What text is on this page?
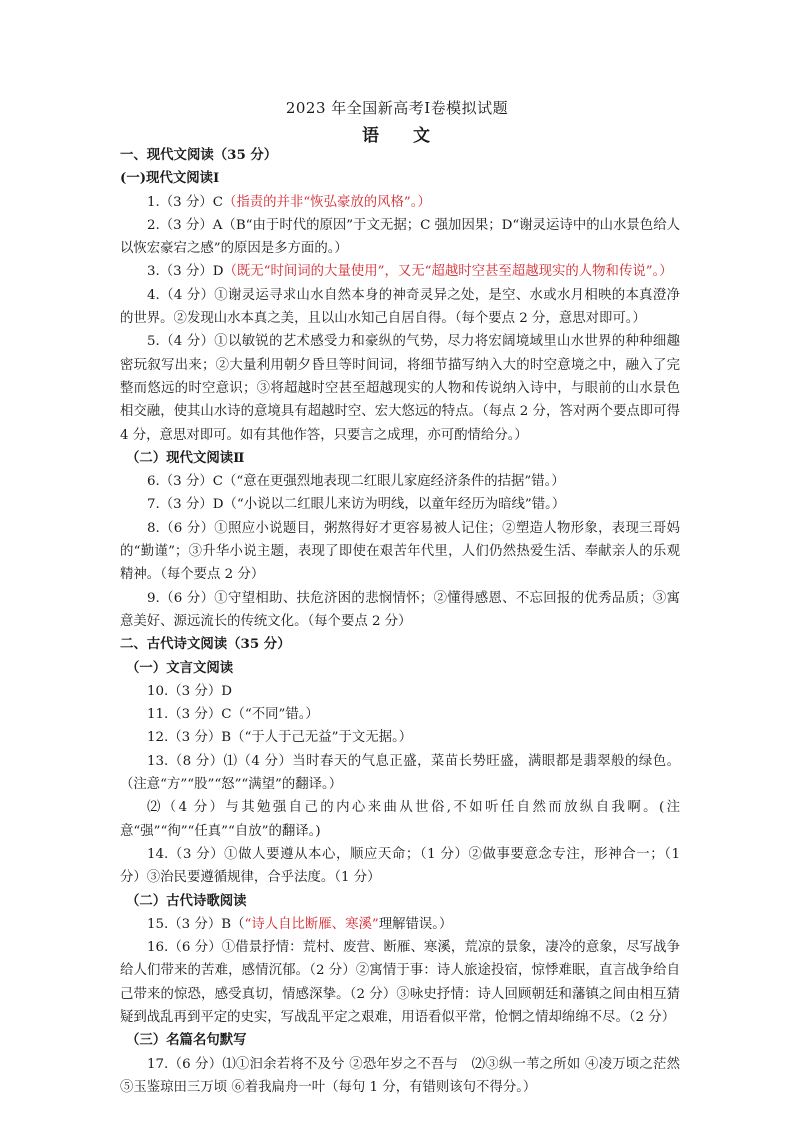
2023 年全国新高考Ⅰ卷模拟试题
语 文
一、现代文阅读（35 分）
(一)现代文阅读Ⅰ

1.（3 分）C（指责的并非“恢弘豪放的风格”。）

2.（3 分）A（B“由于时代的原因”于文无据；C 强加因果；D“谢灵运诗中的山水景色给人以恢宏豪宕之感”的原因是多方面的。）

3.（3 分）D（既无“时间词的大量使用”，又无“超越时空甚至超越现实的人物和传说”。）

4.（4 分）①谢灵运寻求山水自然本身的神奇灵异之处，是空、水或水月相映的本真澄净的世界。②发现山水本真之美，且以山水知己自居自得。（每个要点 2 分，意思对即可。）

5.（4 分）①以敏锐的艺术感受力和豪纵的气势，尽力将宏阔境域里山水世界的种种细趣密玩叙写出来；②大量利用朝夕昏旦等时间词，将细节描写纳入大的时空意境之中，融入了完整而悠远的时空意识；③将超越时空甚至超越现实的人物和传说纳入诗中，与眼前的山水景色相交融，使其山水诗的意境具有超越时空、宏大悠远的特点。（每点 2 分，答对两个要点即可得 4 分，意思对即可。如有其他作答，只要言之成理，亦可酌情给分。）

（二）现代文阅读Ⅱ

6.（3 分）C（“意在更强烈地表现二红眼儿家庭经济条件的拮据”错。）

7.（3 分）D（“小说以二红眼儿来访为明线，以童年经历为暗线”错。）

8.（6 分）①照应小说题目，粥熬得好才更容易被人记住；②塑造人物形象，表现三哥妈的“勤谨”；③升华小说主题，表现了即使在艰苦年代里，人们仍然热爱生活、奉献亲人的乐观精神。（每个要点 2 分）

9.（6 分）①守望相助、扶危济困的悲悯情怀；②懂得感恩、不忘回报的优秀品质；③寓意美好、源远流长的传统文化。（每个要点 2 分）

二、古代诗文阅读（35 分）
（一）文言文阅读

10.（3 分）D

11.（3 分）C（“不同”错。）

12.（3 分）B（“于人于己无益”于文无据。）

13.（8 分）⑴（4 分）当时春天的气息正盛，菜苗长势旺盛，满眼都是翡翠般的绿色。（注意“方”“股”“怒”“满望”的翻译。）

⑵（4 分）与其勉强自己的内心来曲从世俗,不如听任自然而放纵自我啊。(注意“强”“徇”“任真”“自放”的翻译。)

14.（3 分）①做人要遵从本心，顺应天命；（1 分）②做事要意念专注，形神合一；（1 分）③治民要遵循规律，合乎法度。（1 分）

（二）古代诗歌阅读

15.（3 分）B（“诗人自比断雁、寒溪”理解错误。）

16.（6 分）①借景抒情：荒村、废营、断雁、寒溪，荒凉的景象，凄冷的意象，尽写战争给人们带来的苦难，感情沉郁。（2 分）②寓情于事：诗人旅途投宿，惊悸难眠，直言战争给自己带来的惊恐，感受真切，情感深挚。（2 分）③咏史抒情：诗人回顾朝廷和藩镇之间由相互猜疑到战乱再到平定的史实，写战乱平定之艰难，用语看似平常，怆惘之情却绵绵不尽。（2 分）

（三）名篇名句默写

17.（6 分）⑴①汩余若将不及兮 ②恐年岁之不吾与　⑵③纵一苇之所如 ④凌万顷之茫然 ⑤玉鉴琼田三万顷 ⑥着我扁舟一叶（每句 1 分，有错则该句不得分。）
